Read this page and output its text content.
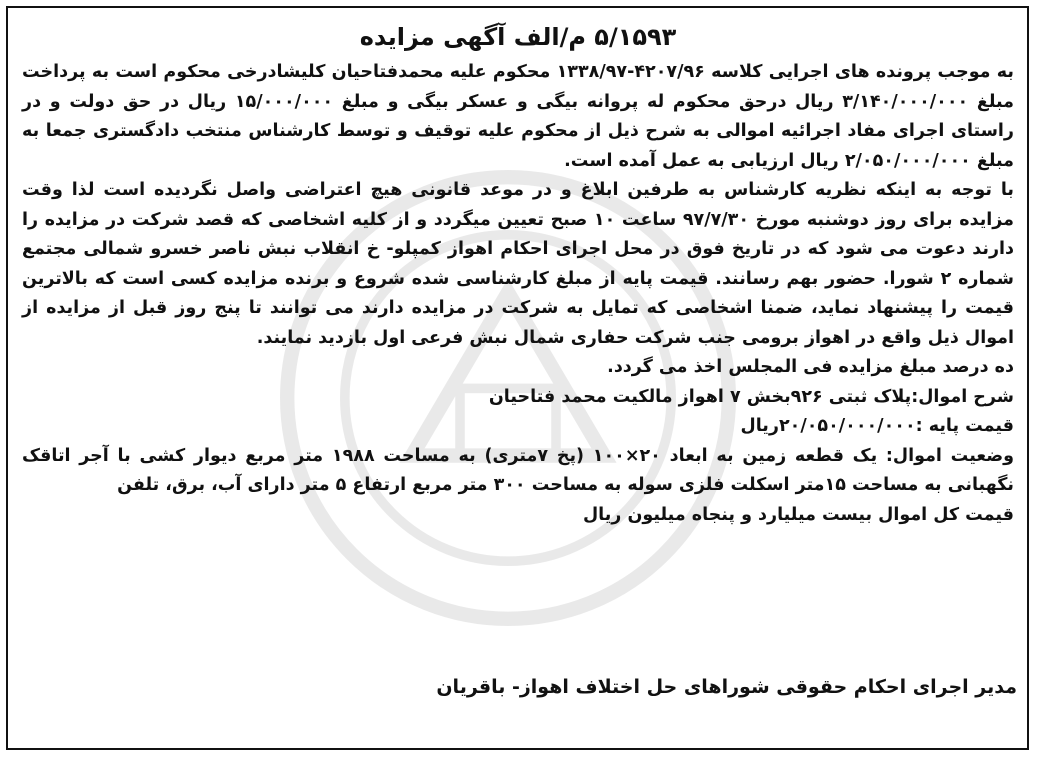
۵/۱۵۹۳ م/الف آگهی مزایده

به موجب پرونده های اجرایی کلاسه ۴۲۰۷/۹۶-۱۳۳۸/۹۷ محکوم علیه محمدفتاحیان کلیشادرخی محکوم است به پرداخت مبلغ ۳/۱۴۰/۰۰۰/۰۰۰ ریال درحق محکوم له پروانه بیگی و عسکر بیگی و مبلغ ۱۵/۰۰۰/۰۰۰ ریال در حق دولت و در راستای اجرای مفاد اجرائیه اموالی به شرح ذیل از محکوم علیه توقیف و توسط کارشناس منتخب دادگستری جمعا به مبلغ ۲/۰۵۰/۰۰۰/۰۰۰ ریال ارزیابی به عمل آمده است.

با توجه به اینکه نظریه کارشناس به طرفین ابلاغ و در موعد قانونی هیچ اعتراضی واصل نگردیده است لذا وقت مزایده برای روز دوشنبه مورخ ۹۷/۷/۳۰ ساعت ۱۰ صبح تعیین میگردد و از کلیه اشخاصی که قصد شرکت در مزایده را دارند دعوت می شود که در تاریخ فوق در محل اجرای احکام اهواز کمپلو- خ انقلاب نبش ناصر خسرو شمالی مجتمع شماره ۲ شورا. حضور بهم رسانند. قیمت پایه از مبلغ کارشناسی شده شروع و برنده مزایده کسی است که بالاترین قیمت را پیشنهاد نماید، ضمنا اشخاصی که تمایل به شرکت در مزایده دارند می توانند تا پنج روز قبل از مزایده از اموال ذیل واقع در اهواز برومی جنب شرکت حفاری شمال نبش فرعی اول بازدید نمایند.

ده درصد مبلغ مزایده فی المجلس اخذ می گردد.

شرح اموال:پلاک ثبتی ۹۲۶بخش ۷ اهواز مالکیت محمد فتاحیان

قیمت پایه :۲۰/۰۵۰/۰۰۰/۰۰۰ریال

وضعیت اموال: یک قطعه زمین به ابعاد ۲۰×۱۰۰ (پخ ۷متری) به مساحت ۱۹۸۸ متر مربع دیوار کشی با آجر اتاقک نگهبانی به مساحت ۱۵متر اسکلت فلزی سوله به مساحت ۳۰۰ متر مربع ارتفاع ۵ متر دارای آب، برق، تلفن

قیمت کل اموال بیست میلیارد و پنجاه میلیون ریال

مدیر اجرای احکام حقوقی شوراهای حل اختلاف اهواز- باقریان
